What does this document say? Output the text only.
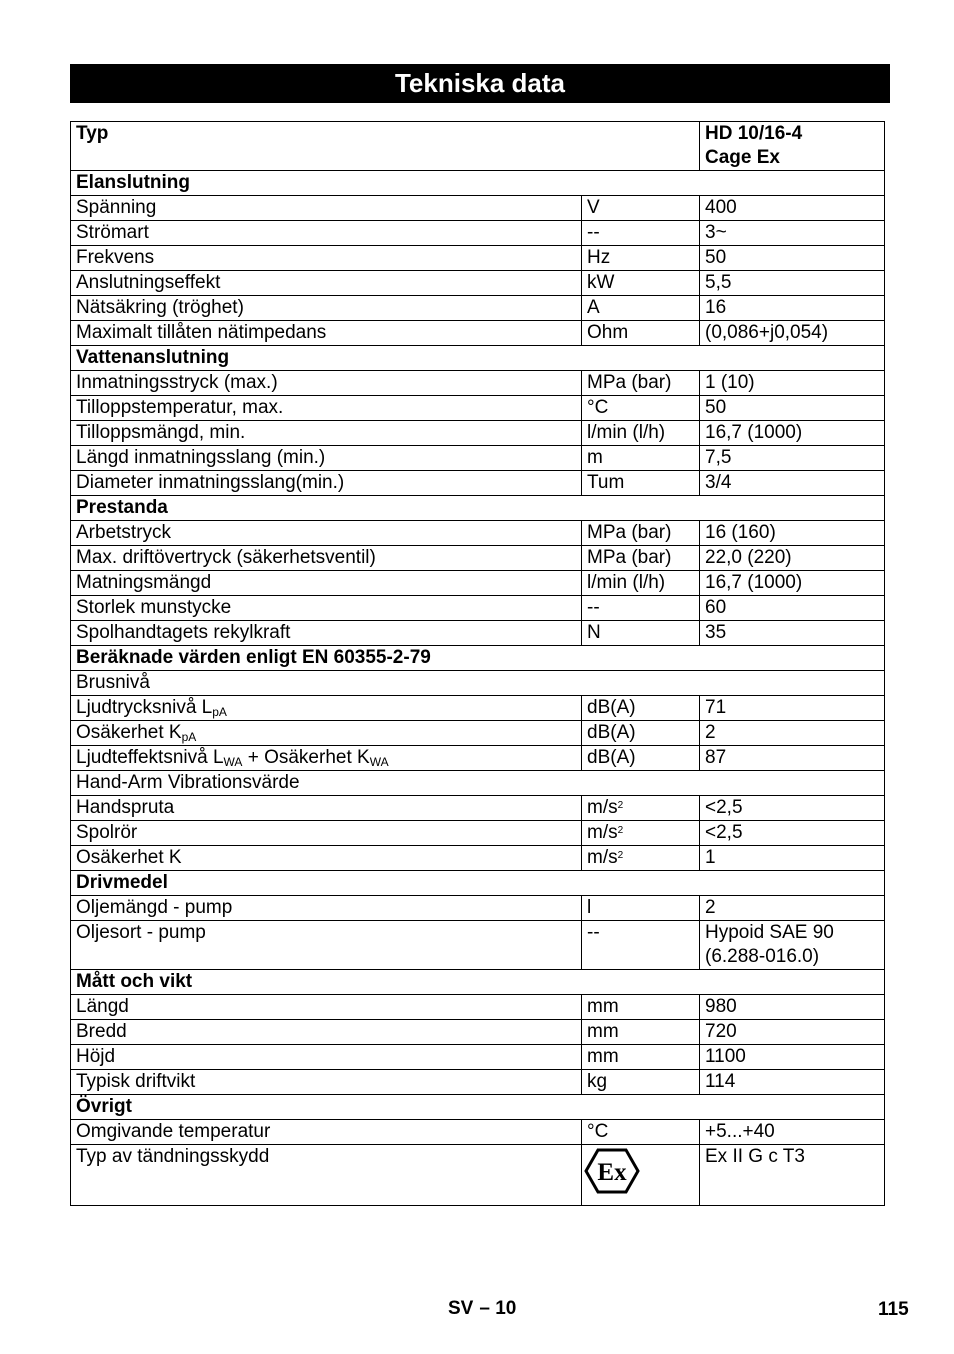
Tekniska data
Typ		HD 10/16-4
Cage Ex
Elanslutning		
Spänning	V	400
Strömart	--	3~
Frekvens	Hz	50
Anslutningseffekt	kW	5,5
Nätsäkring (tröghet)	A	16
Maximalt tillåten nätimpedans	Ohm	(0,086+j0,054)
Vattenanslutning		
Inmatningsstryck (max.)	MPa (bar)	1 (10)
Tilloppstemperatur, max.	°C	50
Tilloppsmängd, min.	l/min (l/h)	16,7 (1000)
Längd inmatningsslang (min.)	m	7,5
Diameter inmatningsslang(min.)	Tum	3/4
Prestanda		
Arbetstryck	MPa (bar)	16 (160)
Max. driftövertryck (säkerhetsventil)	MPa (bar)	22,0 (220)
Matningsmängd	l/min (l/h)	16,7 (1000)
Storlek munstycke	--	60
Spolhandtagets rekylkraft	N	35
Beräknade värden enligt EN 60355-2-79		
Brusnivå		
Ljudtrycksnivå $L_{pA}$	dB(A)	71
Osäkerhet $K_{pA}$	dB(A)	2
Ljudteffektsnivå $L_{WA}$ + Osäkerhet $K_{WA}$	dB(A)	87
Hand-Arm Vibrationsvärde		
Handspruta	$m/s^2$	<2,5
Spolrör	$m/s^2$	<2,5
Osäkerhet K	$m/s^2$	1
Drivmedel		
Oljemängd - pump	l	2
Oljesort - pump	--	Hypoid SAE 90
(6.288-016.0)
Mått och vikt		
Längd	mm	980
Bredd	mm	720
Höjd	mm	1100
Typisk driftvikt	kg	114
Övrigt		
Omgivande temperatur	°C	+5...+40
Typ av tändningsskydd	Ex	Ex II G c T3
SV – 10	115
